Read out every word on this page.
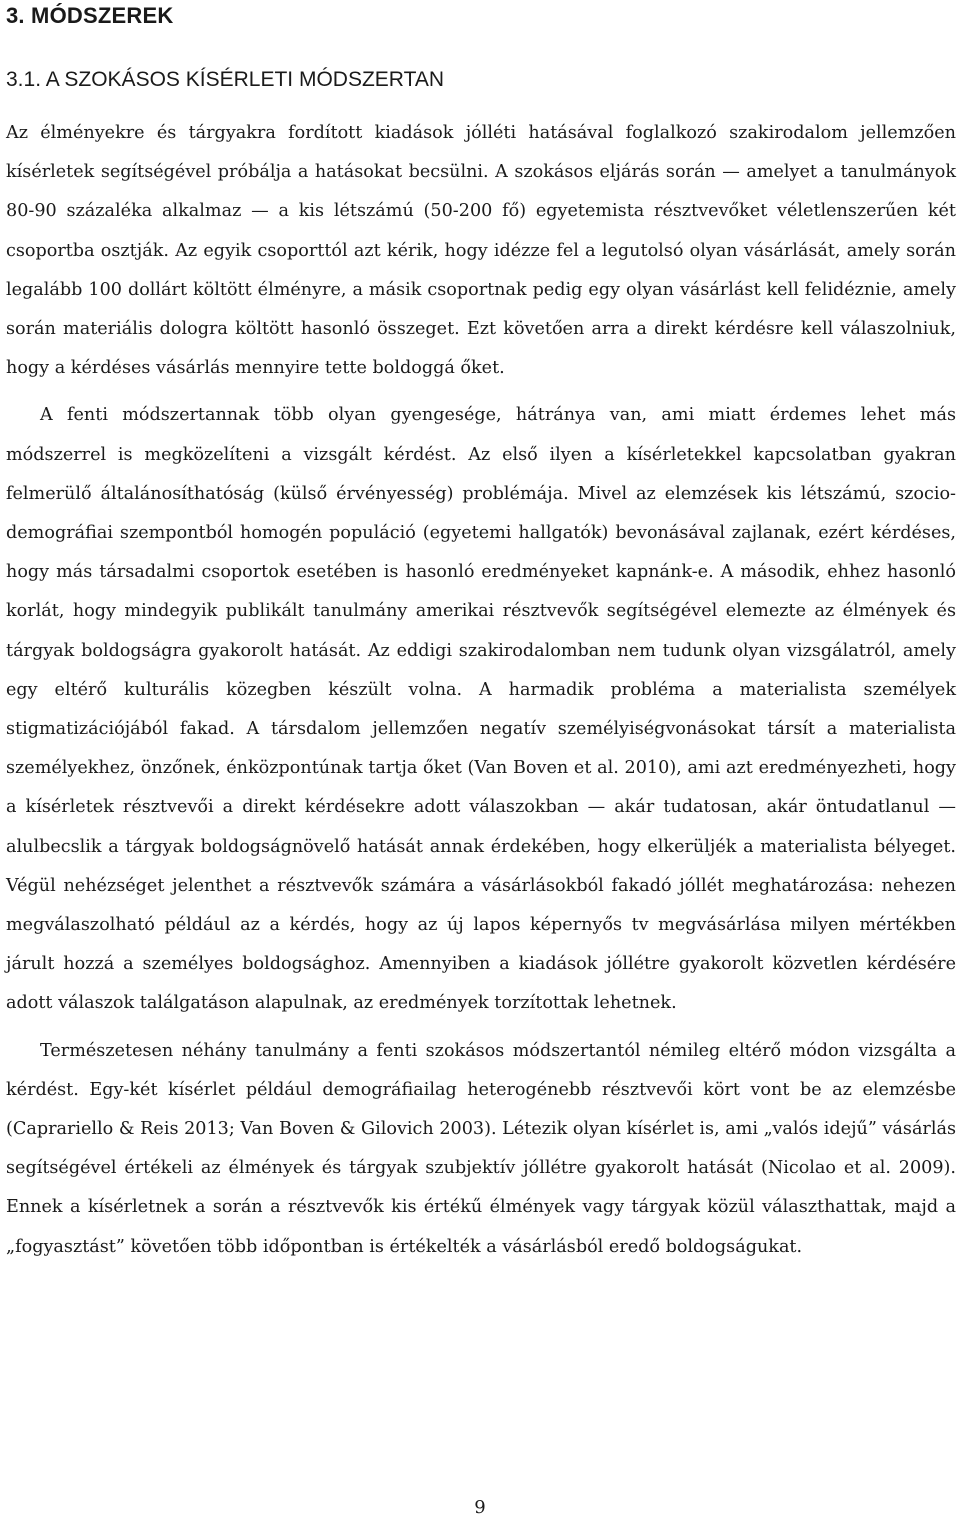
3. MÓDSZEREK
3.1. A SZOKÁSOS KÍSÉRLETI MÓDSZERTAN

Az élményekre és tárgyakra fordított kiadások jólléti hatásával foglalkozó szakirodalom jellemzően kísérletek segítségével próbálja a hatásokat becsülni. A szokásos eljárás során — amelyet a tanulmányok 80-90 százaléka alkalmaz — a kis létszámú (50-200 fő) egyetemista résztvevőket véletlenszerűen két csoportba osztják. Az egyik csoporttól azt kérik, hogy idézze fel a legutolsó olyan vásárlását, amely során legalább 100 dollárt költött élményre, a másik csoportnak pedig egy olyan vásárlást kell felidéznie, amely során materiális dologra költött hasonló összeget. Ezt követően arra a direkt kérdésre kell válaszolniuk, hogy a kérdéses vásárlás mennyire tette boldoggá őket.

A fenti módszertannak több olyan gyengesége, hátránya van, ami miatt érdemes lehet más módszerrel is megközelíteni a vizsgált kérdést. Az első ilyen a kísérletekkel kapcsolatban gyakran felmerülő általánosíthatóság (külső érvényesség) problémája. Mivel az elemzések kis létszámú, szocio-demográfiai szempontból homogén populáció (egyetemi hallgatók) bevonásával zajlanak, ezért kérdéses, hogy más társadalmi csoportok esetében is hasonló eredményeket kapnánk-e. A második, ehhez hasonló korlát, hogy mindegyik publikált tanulmány amerikai résztvevők segítségével elemezte az élmények és tárgyak boldogságra gyakorolt hatását. Az eddigi szakirodalomban nem tudunk olyan vizsgálatról, amely egy eltérő kulturális közegben készült volna. A harmadik probléma a materialista személyek stigmatizációjából fakad. A társdalom jellemzően negatív személyiségvonásokat társít a materialista személyekhez, önzőnek, énközpontúnak tartja őket (Van Boven et al. 2010), ami azt eredményezheti, hogy a kísérletek résztvevői a direkt kérdésekre adott válaszokban — akár tudatosan, akár öntudatlanul — alulbecslik a tárgyak boldogságnövelő hatását annak érdekében, hogy elkerüljék a materialista bélyeget. Végül nehézséget jelenthet a résztvevők számára a vásárlásokból fakadó jóllét meghatározása: nehezen megválaszolható például az a kérdés, hogy az új lapos képernyős tv megvásárlása milyen mértékben járult hozzá a személyes boldogsághoz. Amennyiben a kiadások jóllétre gyakorolt közvetlen kérdésére adott válaszok találgatáson alapulnak, az eredmények torzítottak lehetnek.

Természetesen néhány tanulmány a fenti szokásos módszertantól némileg eltérő módon vizsgálta a kérdést. Egy-két kísérlet például demográfiailag heterogénebb résztvevői kört vont be az elemzésbe (Caprariello & Reis 2013; Van Boven & Gilovich 2003). Létezik olyan kísérlet is, ami „valós idejű” vásárlás segítségével értékeli az élmények és tárgyak szubjektív jóllétre gyakorolt hatását (Nicolao et al. 2009). Ennek a kísérletnek a során a résztvevők kis értékű élmények vagy tárgyak közül választhattak, majd a „fogyasztást” követően több időpontban is értékelték a vásárlásból eredő boldogságukat.

9
